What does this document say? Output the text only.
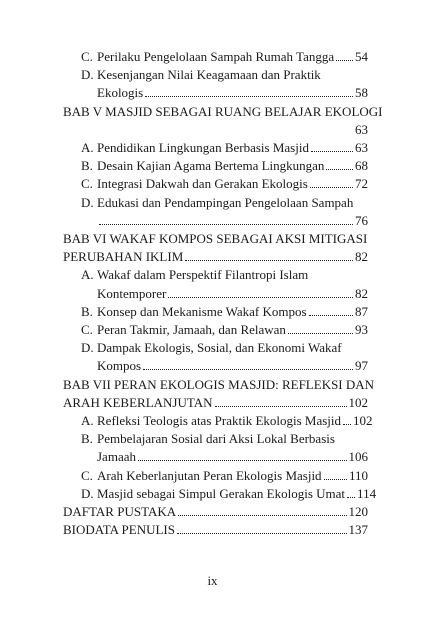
C. Perilaku Pengelolaan Sampah Rumah Tangga 54
D. Kesenjangan Nilai Keagamaan dan Praktik
Ekologis	58
BAB V MASJID SEBAGAI RUANG BELAJAR EKOLOGI
63
A. Pendidikan Lingkungan Berbasis Masjid	63
B. Desain Kajian Agama Bertema Lingkungan 68
C. Integrasi Dakwah dan Gerakan Ekologis	72
D. Edukasi dan Pendampingan Pengelolaan Sampah
76
BAB VI WAKAF KOMPOS SEBAGAI AKSI MITIGASI
PERUBAHAN IKLIM	82
A. Wakaf dalam Perspektif Filantropi Islam
Kontemporer	82
B. Konsep dan Mekanisme Wakaf Kompos	87
C. Peran Takmir, Jamaah, dan Relawan	93
D. Dampak Ekologis, Sosial, dan Ekonomi Wakaf
Kompos	97
BAB VII PERAN EKOLOGIS MASJID: REFLEKSI DAN
ARAH KEBERLANJUTAN	102
A. Refleksi Teologis atas Praktik Ekologis Masjid 102
B. Pembelajaran Sosial dari Aksi Lokal Berbasis
Jamaah	106
C. Arah Keberlanjutan Peran Ekologis Masjid 110
D. Masjid sebagai Simpul Gerakan Ekologis Umat 114
DAFTAR PUSTAKA	120
BIODATA PENULIS	137
ix
